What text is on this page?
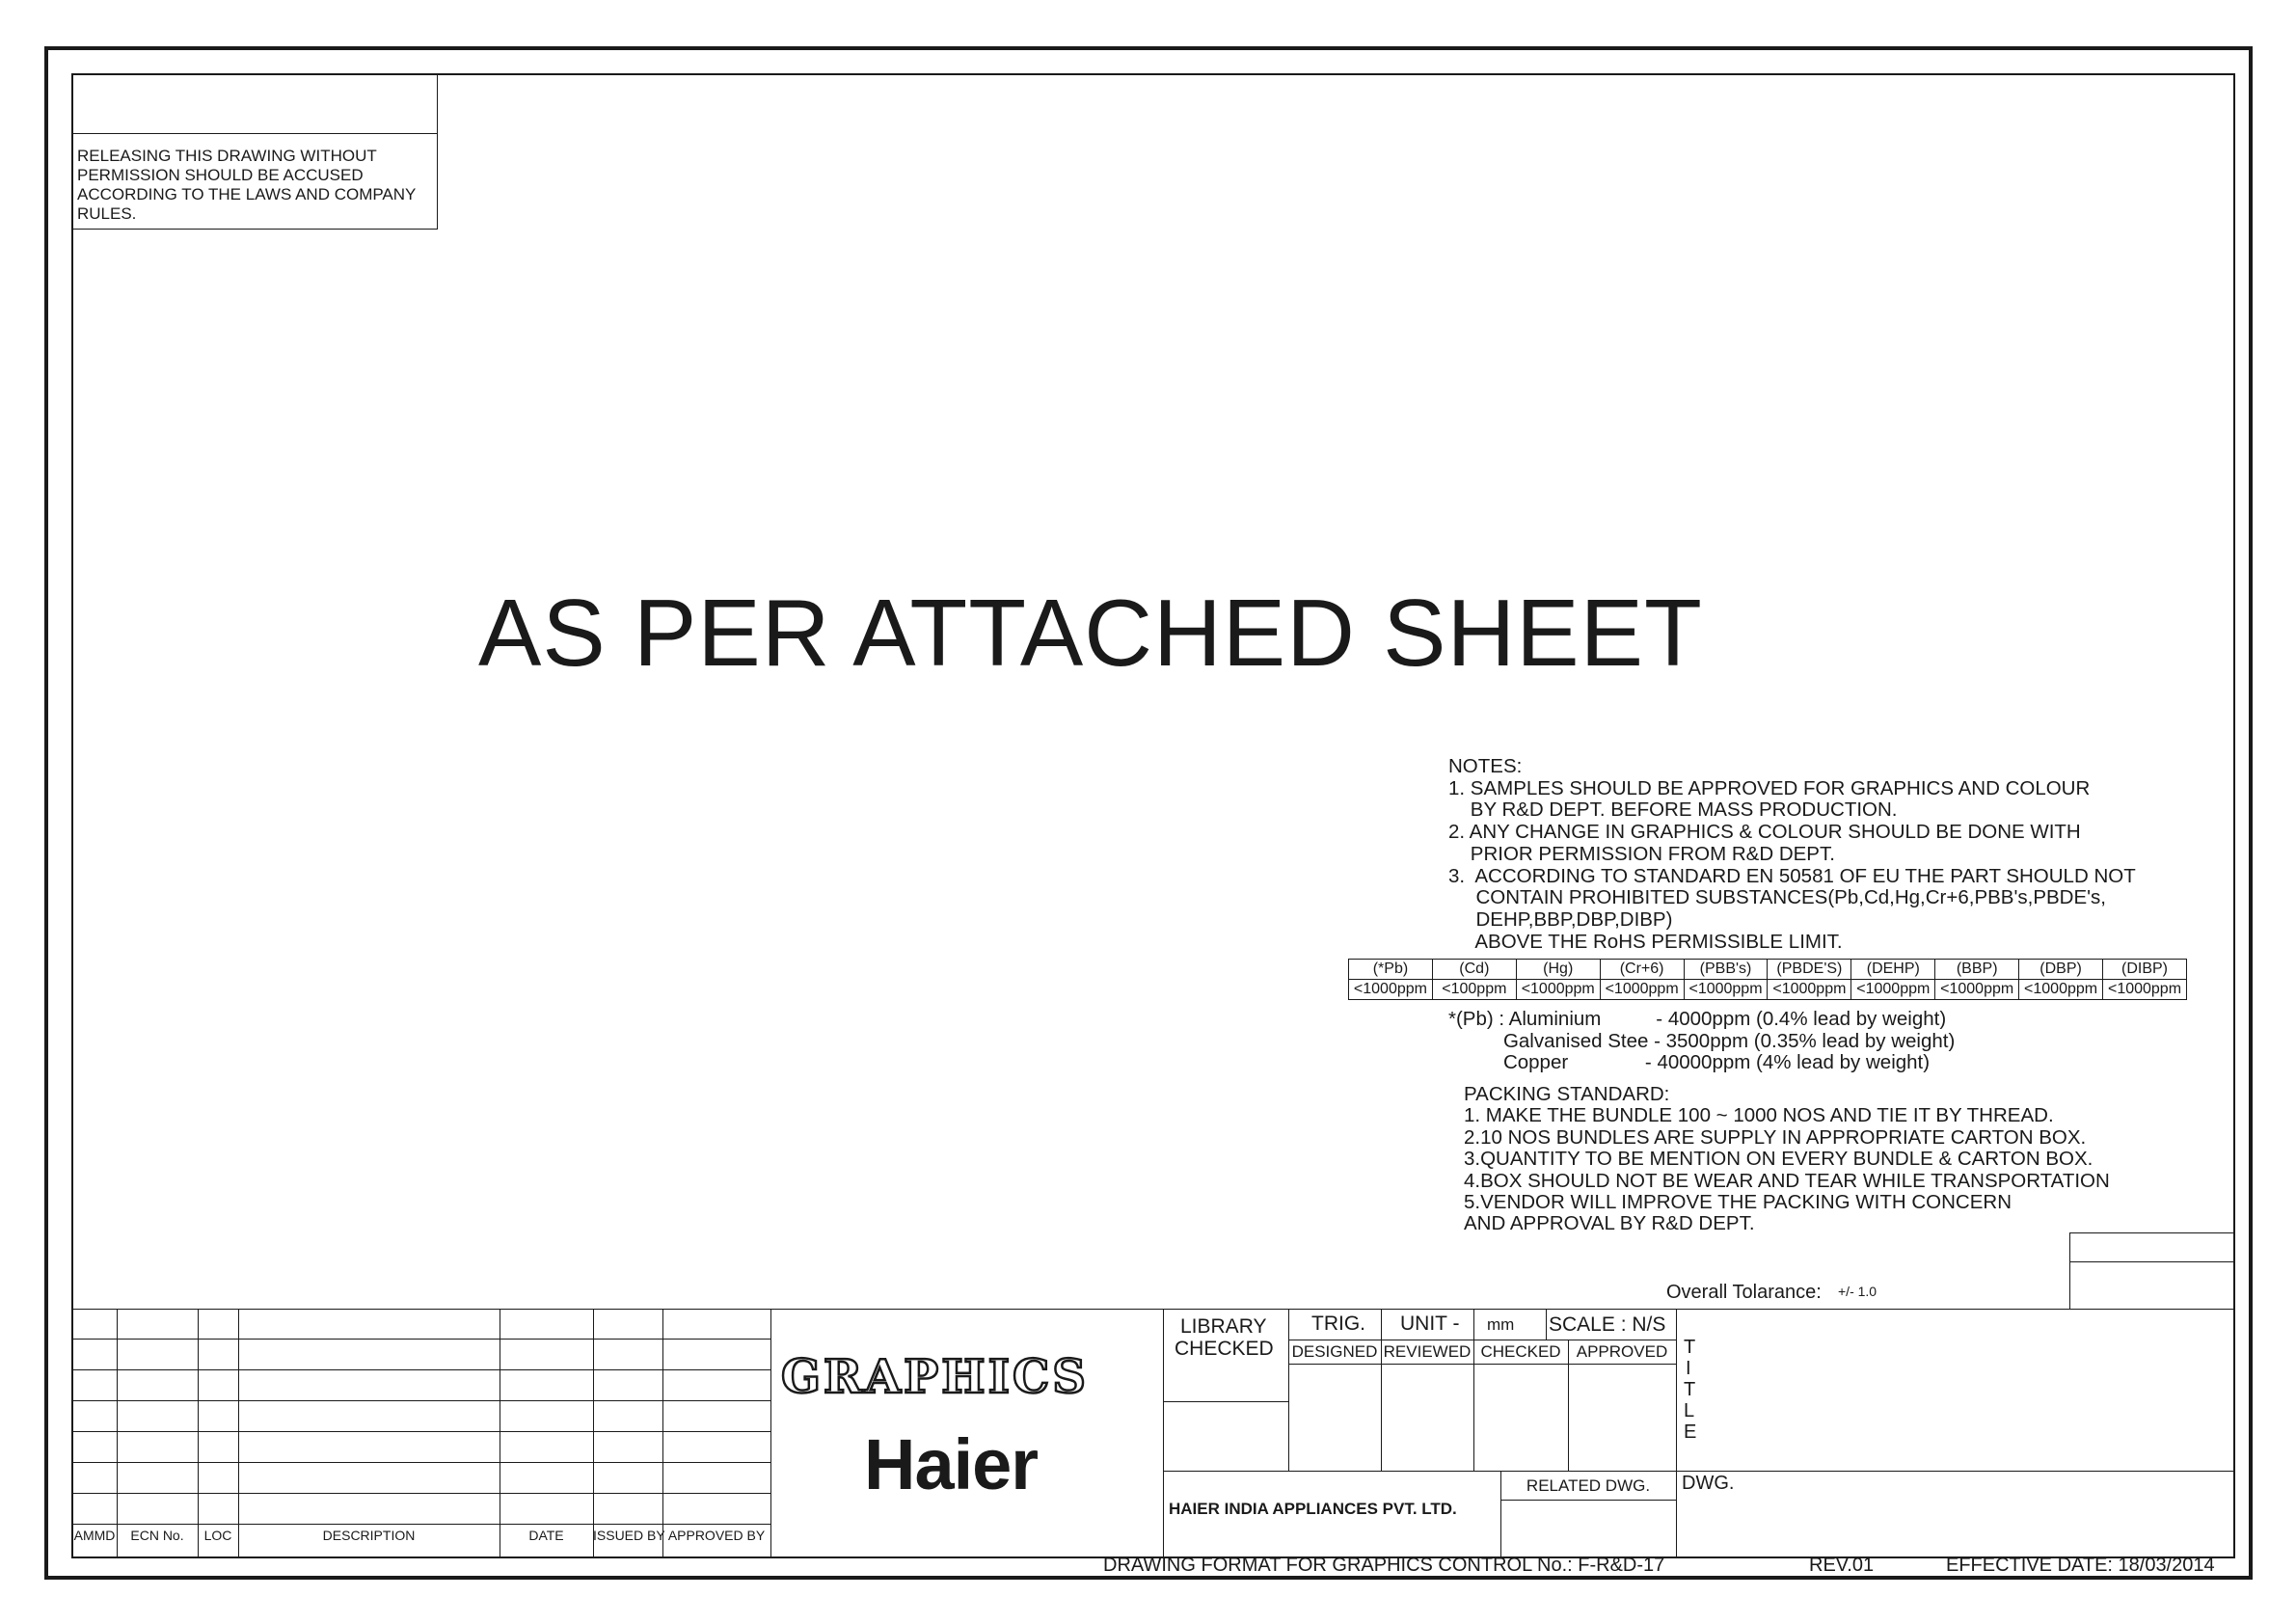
RELEASING THIS DRAWING WITHOUT PERMISSION SHOULD BE ACCUSED ACCORDING TO THE LAWS AND COMPANY RULES.
AS PER ATTACHED SHEET
NOTES:
1. SAMPLES SHOULD BE APPROVED FOR GRAPHICS AND COLOUR
BY R&D DEPT. BEFORE MASS PRODUCTION.
2. ANY CHANGE IN GRAPHICS & COLOUR SHOULD BE DONE WITH
PRIOR PERMISSION FROM R&D DEPT.
3.  ACCORDING TO STANDARD EN 50581 OF EU THE PART SHOULD NOT
CONTAIN PROHIBITED SUBSTANCES(Pb,Cd,Hg,Cr+6,PBB's,PBDE's,
DEHP,BBP,DBP,DIBP)
ABOVE THE RoHS PERMISSIBLE LIMIT.
(*Pb)	(Cd)	(Hg)	(Cr+6)	(PBB's)	(PBDE'S)	(DEHP)	(BBP)	(DBP)	(DIBP)
<1000ppm	<100ppm	<1000ppm	<1000ppm	<1000ppm	<1000ppm	<1000ppm	<1000ppm	<1000ppm	<1000ppm
*(Pb) : Aluminium          - 4000ppm (0.4% lead by weight)
Galvanised Stee - 3500ppm (0.35% lead by weight)
Copper              - 40000ppm (4% lead by weight)
PACKING STANDARD:
1. MAKE THE BUNDLE 100 ~ 1000 NOS AND TIE IT BY THREAD.
2.10 NOS BUNDLES ARE SUPPLY IN APPROPRIATE CARTON BOX.
3.QUANTITY TO BE MENTION ON EVERY BUNDLE & CARTON BOX.
4.BOX SHOULD NOT BE WEAR AND TEAR WHILE TRANSPORTATION
5.VENDOR WILL IMPROVE THE PACKING WITH CONCERN
AND APPROVAL BY R&D DEPT.
Overall Tolarance: +/- 1.0
AMMD	ECN No.	LOC	DESCRIPTION	DATE	ISSUED BY APPROVED BY
GRAPHICS
Haier
LIBRARY
CHECKED
TRIG. UNIT - mm SCALE : N/S
DESIGNED REVIEWED CHECKED APPROVED T
I
T
L
E
HAIER INDIA APPLIANCES PVT. LTD.
RELATED DWG.	DWG.
DRAWING FORMAT FOR GRAPHICS CONTROL No.: F-R&D-17	REV.01	EFFECTIVE DATE: 18/03/2014
